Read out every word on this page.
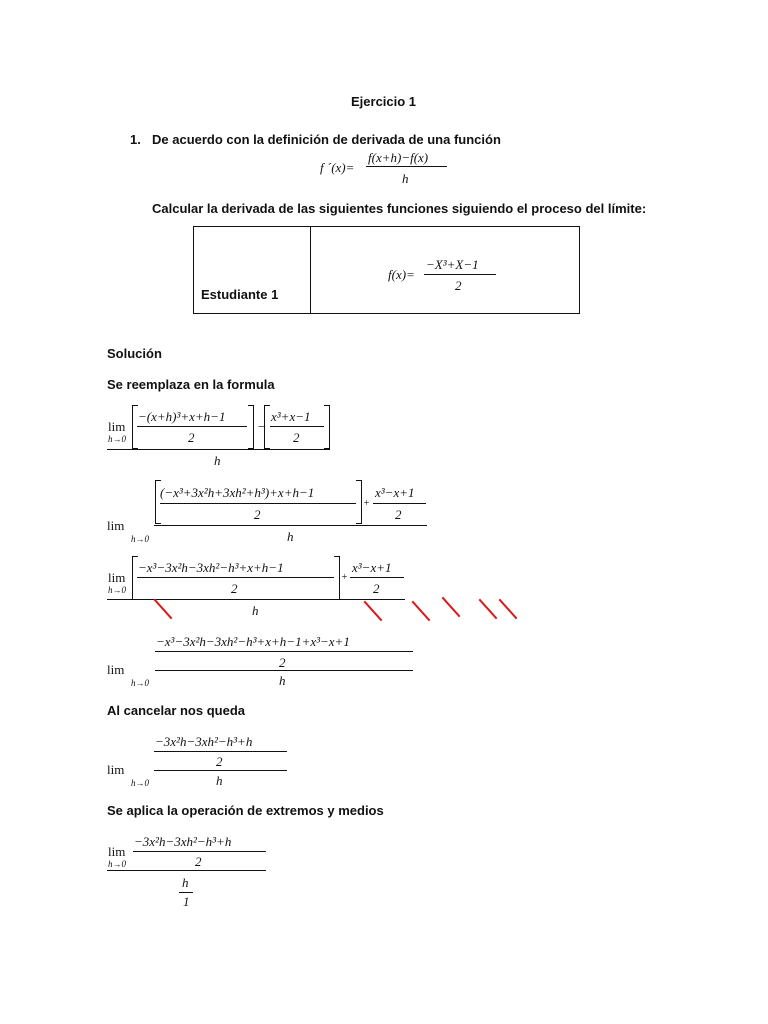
Ejercicio 1
1. De acuerdo con la definición de derivada de una función
f ´(x)=
f(x+h)−f(x)
h
Calcular la derivada de las siguientes funciones siguiendo el proceso del límite:
Estudiante 1

f(x)=
−X³+X−1
2
Solución
Se reemplaza en la formula
lim
h→0
−(x+h)³+x+h−1
2
−
x³+x−1
2
h
lim
h→0
(−x³+3x²h+3xh²+h³)+x+h−1
2
+
x³−x+1
2
h
lim
h→0
−x³−3x²h−3xh²−h³+x+h−1
2
+
x³−x+1
2
h
lim
h→0
−x³−3x²h−3xh²−h³+x+h−1+x³−x+1
2
h
Al cancelar nos queda
lim
h→0
−3x²h−3xh²−h³+h
2
h
Se aplica la operación de extremos y medios
lim
h→0
−3x²h−3xh²−h³+h
2
h
1
